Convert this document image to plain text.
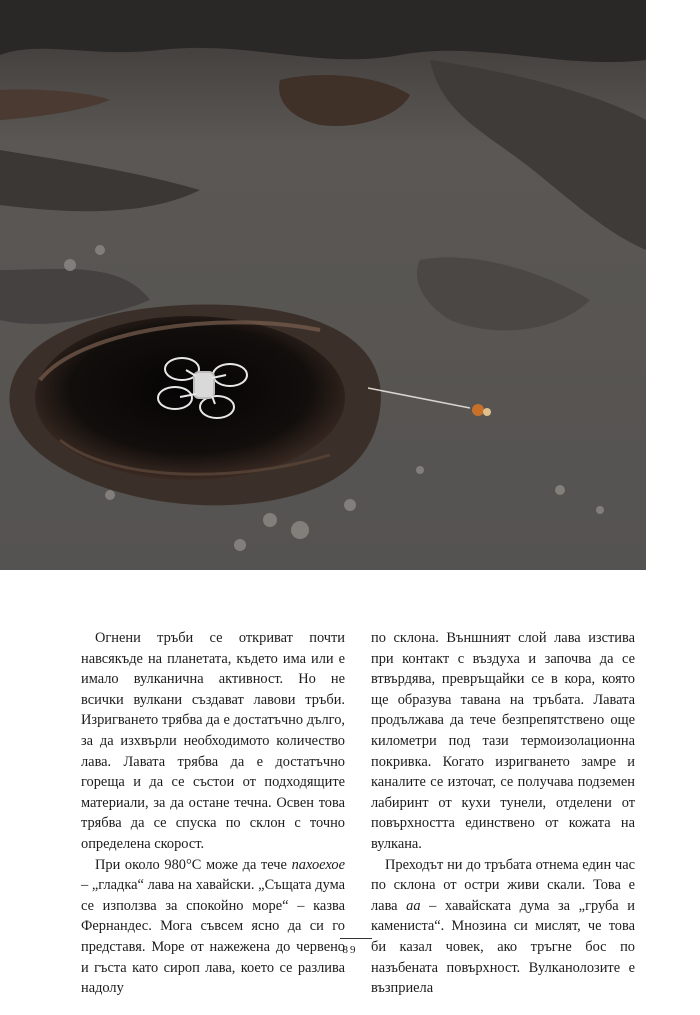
Огнени тръби се откриват почти навсякъде на планетата, където има или е имало вулканична активност. Но не всички вулкани създават лавови тръби. Изригването трябва да е достатъчно дълго, за да изхвърли необходимото количество лава. Лавата трябва да е достатъчно гореща и да се състои от подходящите материали, за да остане течна. Освен това трябва да се спуска по склон с точно определена скорост.

При около 980°C може да тече пахоехое – „гладка“ лава на хавайски. „Същата дума се използва за спокойно море“ – казва Фернандес. Мога съвсем ясно да си го представя. Море от нажежена до червено и гъста като сироп лава, което се разлива надолу

по склона. Външният слой лава изстива при контакт с въздуха и започва да се втвърдява, превръщайки се в кора, която ще образува тавана на тръбата. Лавата продължава да тече безпрепятствено още километри под тази термоизолационна покривка. Когато изригването замре и каналите се източат, се получава подземен лабиринт от кухи тунели, отделени от повърхността единствено от кожата на вулкана.

Преходът ни до тръбата отнема един час по склона от остри живи скали. Това е лава аа – хавайската дума за „груба и камениста“. Мнозина си мислят, че това би казал човек, ако тръгне бос по назъбената повърхност. Вулканолозите е възприела

89
